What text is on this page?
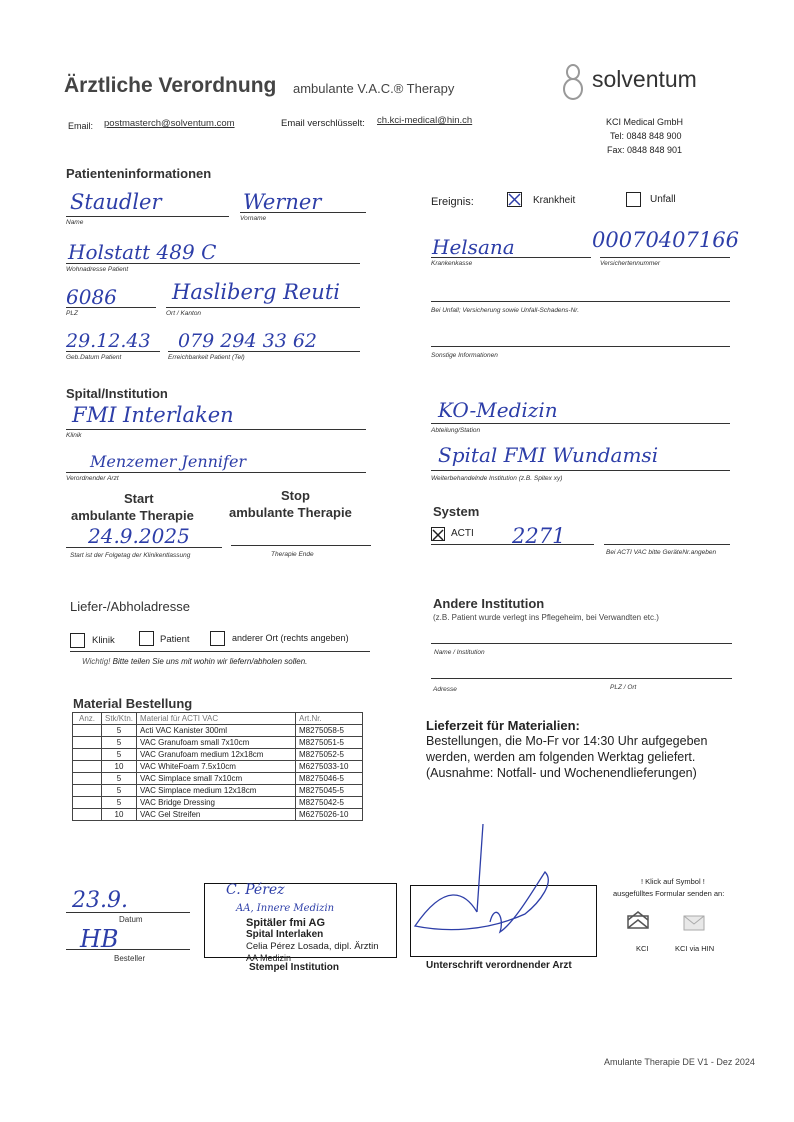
Ärztliche Verordnung ambulante V.A.C.® Therapy	solventum
Email: postmasterch@solventum.com	Email verschlüsselt: ch.kci-medical@hin.ch	KCI Medical GmbH
Tel: 0848 848 900
Fax: 0848 848 901
Patienteninformationen
Staudler
Name
Werner
Vorname
Holstatt 489 C
Wohnadresse Patient
6086
PLZ
Hasliberg Reuti
Ort / Kanton
29.12.43
Geb.Datum Patient
079 294 33 62
Erreichbarkeit Patient (Tel)
Ereignis:	Krankheit	Unfall
Helsana
Krankenkasse
00070407166
Versichertennummer
Bei Unfall; Versicherung sowie Unfall-Schadens-Nr.
Sonstige Informationen
Spital/Institution
FMI Interlaken
Klinik
Menzemer Jennifer
Verordnender Arzt
KO-Medizin
Abteilung/Station
Spital FMI Wundamsi
Weiterbehandelnde Institution (z.B. Spitex xy)
Start
ambulante Therapie
Stop
ambulante Therapie
24.9.2025
Start ist der Folgetag der Klinikentlassung	Therapie Ende
System
ACTI 2271
Bei ACTI VAC bitte GeräteNr.angeben
Liefer-/Abholadresse
Klinik	Patient	anderer Ort (rechts angeben)
Wichtig! Bitte teilen Sie uns mit wohin wir liefern/abholen sollen.
Andere Institution
(z.B. Patient wurde verlegt ins Pflegeheim, bei Verwandten etc.)
Name / Institution
Adresse	PLZ / Ort
Material Bestellung
Anz.	Stk/Ktn.	Material für ACTI VAC	Art.Nr.
	5	Acti VAC Kanister 300ml	M8275058-5
	5	VAC Granufoam small 7x10cm	M8275051-5
	5	VAC Granufoam medium 12x18cm	M8275052-5
	10	VAC WhiteFoam 7.5x10cm	M6275033-10
	5	VAC Simplace small 7x10cm	M8275046-5
	5	VAC Simplace medium 12x18cm	M8275045-5
	5	VAC Bridge Dressing	M8275042-5
	10	VAC Gel Streifen	M6275026-10
Lieferzeit für Materialien:
Bestellungen, die Mo-Fr vor 14:30 Uhr aufgegeben
werden, werden am folgenden Werktag geliefert.
(Ausnahme: Notfall- und Wochenendlieferungen)
23.9.
Datum
HB
Besteller
C. Pérez
AA, Innere Medizin
Spitäler fmi AG
Spital Interlaken
Celia Pérez Losada, dipl. Ärztin
AA Medizin
Stempel Institution	Unterschrift verordnender Arzt
! Klick auf Symbol !
ausgefülltes Formular senden an:
KCI	KCI via HIN
Amulante Therapie DE V1 - Dez 2024
